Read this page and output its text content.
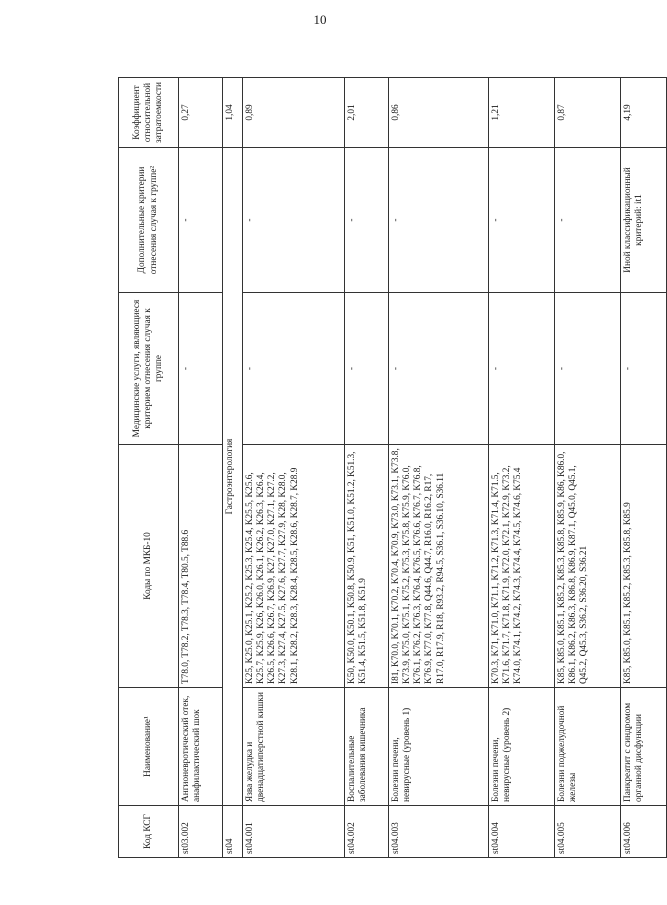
10
Код КСГ	Наименование¹	Коды по МКБ-10	Медицинские услуги, являющиеся критерием отнесения случая к группе	Дополнительные критерии отнесения случая к группе²	Коэффициент относительной затратоемкости
st03.002	Ангионевротический отек, анафилактический шок	T78.0, T78.2, T78.3, T78.4, T80.5, T88.6	-	-	0,27
st04	Гастроэнтерология				1,04
st04.001	Язва желудка и двенадцатиперстной кишки	K25, K25.0, K25.1, K25.2, K25.3, K25.4, K25.5, K25.6, K25.7, K25.9, K26, K26.0, K26.1, K26.2, K26.3, K26.4, K26.5, K26.6, K26.7, K26.9, K27, K27.0, K27.1, K27.2, K27.3, K27.4, K27.5, K27.6, K27.7, K27.9, K28, K28.0, K28.1, K28.2, K28.3, K28.4, K28.5, K28.6, K28.7, K28.9	-	-	0,89
st04.002	Воспалительные заболевания кишечника	K50, K50.0, K50.1, K50.8, K50.9, K51, K51.0, K51.2, K51.3, K51.4, K51.5, K51.8, K51.9	-	-	2,01
st04.003	Болезни печени, невирусные (уровень 1)	I81, K70.0, K70.1, K70.2, K70.4, K70.9, K73.0, K73.1, K73.8, K73.9, K75.0, K75.1, K75.2, K75.3, K75.8, K75.9, K76.0, K76.1, K76.2, K76.3, K76.4, K76.5, K76.6, K76.7, K76.8, K76.9, K77.0, K77.8, Q44.6, Q44.7, R16.0, R16.2, R17, R17.0, R17.9, R18, R93.2, R94.5, S36.1, S36.10, S36.11	-	-	0,86
st04.004	Болезни печени, невирусные (уровень 2)	K70.3, K71, K71.0, K71.1, K71.2, K71.3, K71.4, K71.5, K71.6, K71.7, K71.8, K71.9, K72.0, K72.1, K72.9, K73.2, K74.0, K74.1, K74.2, K74.3, K74.4, K74.5, K74.6, K75.4	-	-	1,21
st04.005	Болезни поджелудочной железы	K85, K85.0, K85.1, K85.2, K85.3, K85.8, K85.9, K86, K86.0, K86.1, K86.2, K86.3, K86.8, K86.9, K87.1, Q45.0, Q45.1, Q45.2, Q45.3, S36.2, S36.20, S36.21	-	-	0,87
st04.006	Панкреатит с синдромом органной дисфункции	K85, K85.0, K85.1, K85.2, K85.3, K85.8, K85.9	-	Иной классификационный критерий: it1	4,19
